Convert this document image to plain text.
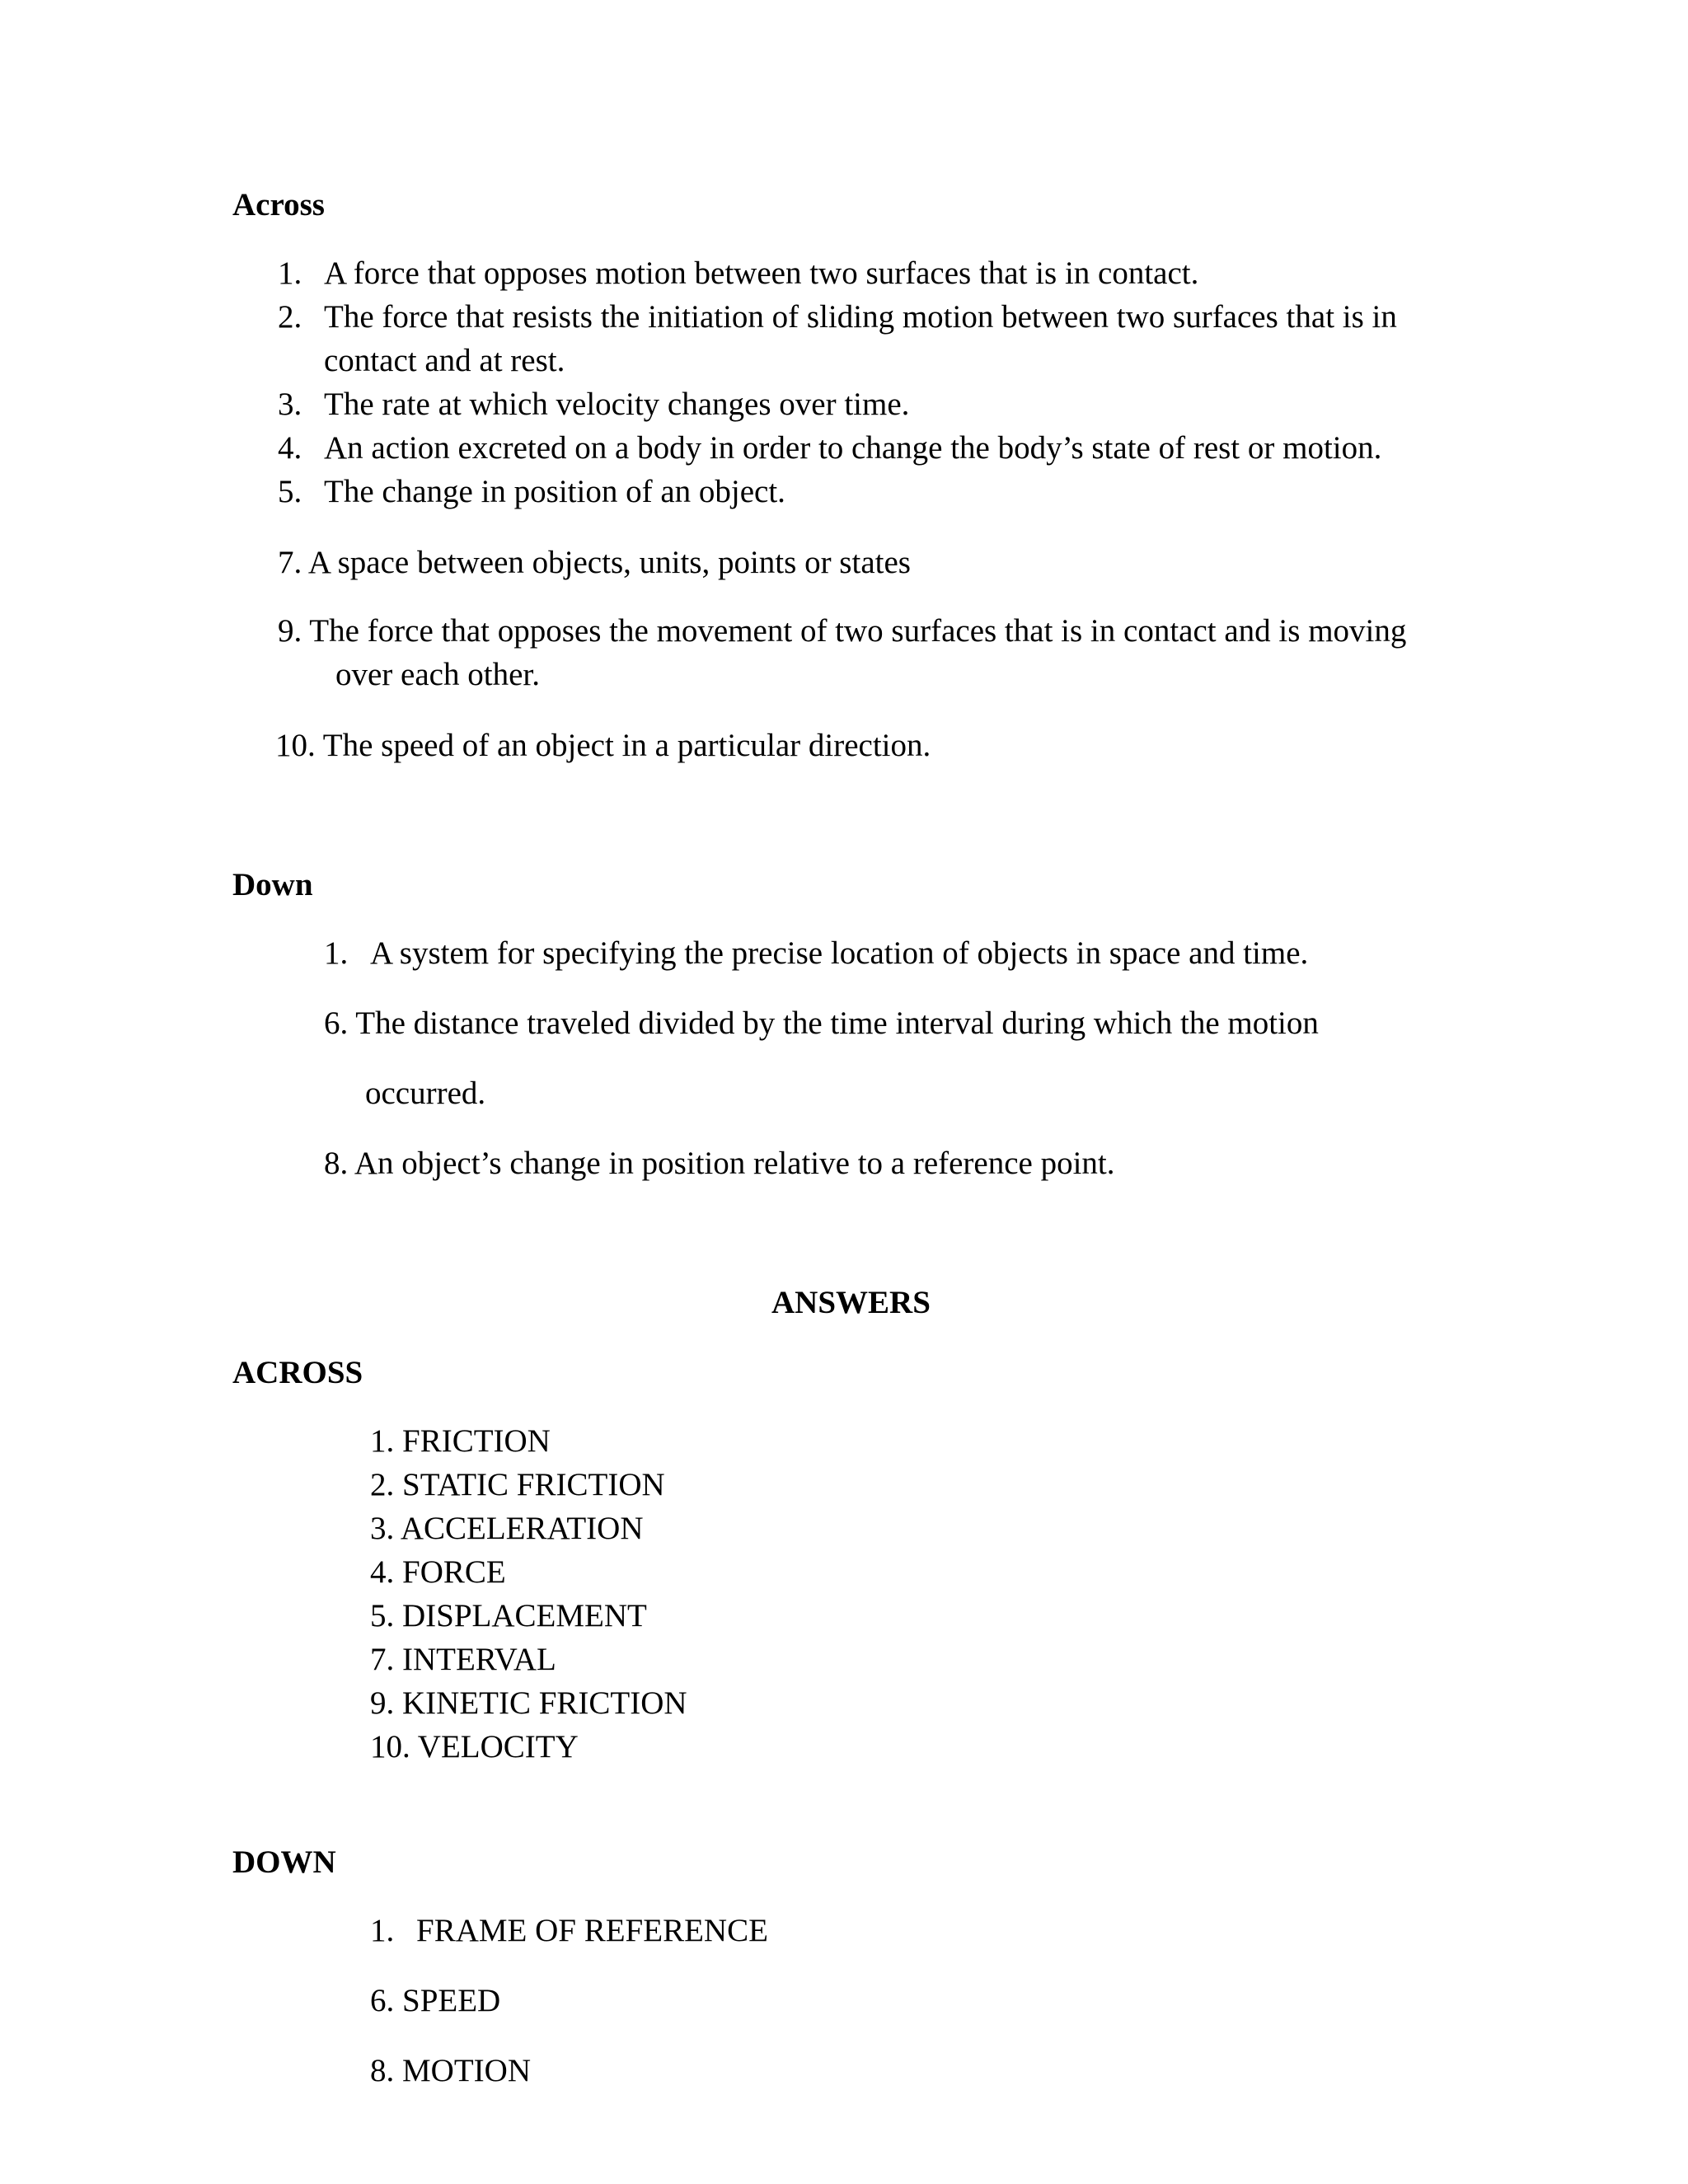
Across
1. A force that opposes motion between two surfaces that is in contact.
2. The force that resists the initiation of sliding motion between two surfaces that is in
contact and at rest.
3. The rate at which velocity changes over time.
4. An action excreted on a body in order to change the body’s state of rest or motion.
5. The change in position of an object.
7. A space between objects, units, points or states
9. The force that opposes the movement of two surfaces that is in contact and is moving
over each other.
10. The speed of an object in a particular direction.
Down
1. A system for specifying the precise location of objects in space and time.
6. The distance traveled divided by the time interval during which the motion
occurred.
8. An object’s change in position relative to a reference point.
ANSWERS
ACROSS
1. FRICTION
2. STATIC FRICTION
3. ACCELERATION
4. FORCE
5. DISPLACEMENT
7. INTERVAL
9. KINETIC FRICTION
10. VELOCITY
DOWN
1. FRAME OF REFERENCE
6. SPEED
8. MOTION
